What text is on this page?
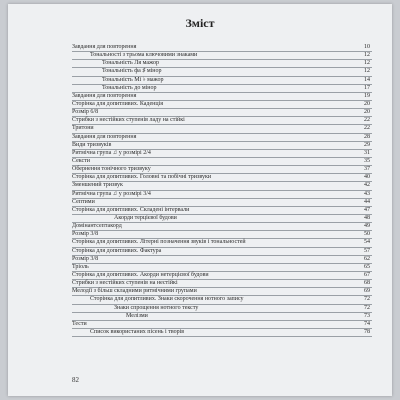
Зміст
Завдання для повторення	10
Тональності з трьома ключовими знаками	12
Тональність Ля мажор	12
Тональність фа ♯ мінор	12
Тональність Мі ♭ мажор	14
Тональність до мінор	17
Завдання для повторення	19
Сторінка для допитливих. Каденція	20
Розмір 6/8	20
Стрибки з нестійких ступенів ладу на стійкі	22
Тритони	22
Завдання для повторення	28
Види тризвуків	29
Ритмічна група ♫ у розмірі 2/4	31
Сексти	35
Обернення тонічного тризвуку	37
Сторінка для допитливих. Головні та побічні тризвуки	40
Зменшений тризвук	42
Ритмічна група ♫ у розмірі 3/4	43
Септими	44
Сторінка для допитливих. Складені інтервали	47
Акорди терцієвої будови	48
Домінантсептакорд	49
Розмір 3/8	50
Сторінка для допитливих. Літерні позначення звуків і тональностей	54
Сторінка для допитливих. Фактура	57
Розмір 3/8	62
Тріоль	65
Сторінка для допитливих. Акорди нетерцієвої будови	67
Стрибки з нестійких ступенів на нестійкі	68
Мелодії з більш складними ритмічними групами	69
Сторінка для допитливих. Знаки скорочення нотного запису	72
Знаки спрощення нотного тексту	72
Мелізми	73
Тести	74
Список використаних пісень і творів	78
82
